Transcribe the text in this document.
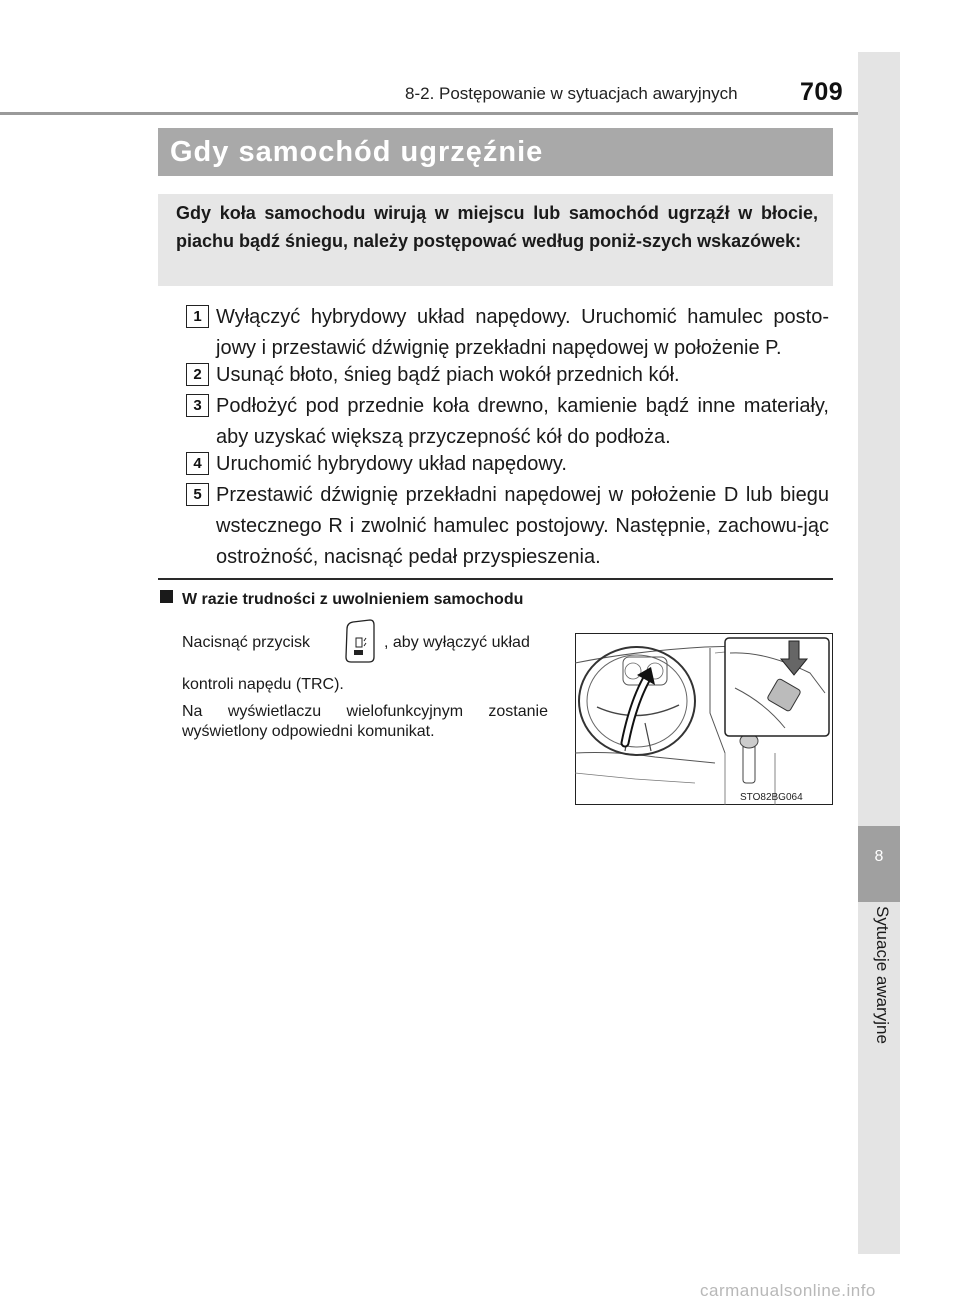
8-2. Postępowanie w sytuacjach awaryjnych 709
8
Sytuacje awaryjne
Gdy samochód ugrzęźnie
Gdy koła samochodu wirują w miejscu lub samochód ugrząźł w błocie, piachu bądź śniegu, należy postępować według poniż-szych wskazówek:
1 Wyłączyć hybrydowy układ napędowy. Uruchomić hamulec posto-jowy i przestawić dźwignię przekładni napędowej w położenie P.
2 Usunąć błoto, śnieg bądź piach wokół przednich kół.
3 Podłożyć pod przednie koła drewno, kamienie bądź inne materiały, aby uzyskać większą przyczepność kół do podłoża.
4 Uruchomić hybrydowy układ napędowy.
5 Przestawić dźwignię przekładni napędowej w położenie D lub biegu wstecznego R i zwolnić hamulec postojowy. Następnie, zachowu-jąc ostrożność, nacisnąć pedał przyspieszenia.
W razie trudności z uwolnieniem samochodu
Nacisnąć przycisk	, aby wyłączyć układ
kontroli napędu (TRC).
Na wyświetlaczu wielofunkcyjnym zostanie wyświetlony odpowiedni komunikat.
STO82BG064
carmanualsonline.info
